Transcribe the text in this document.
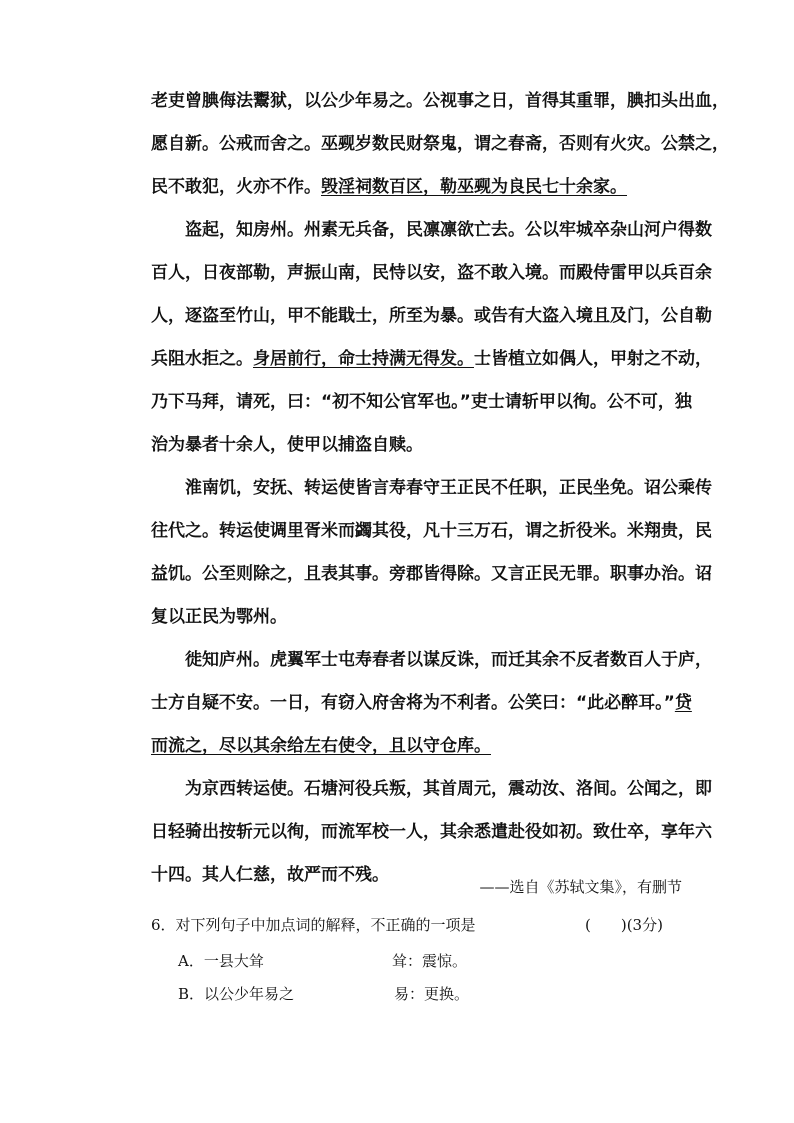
老吏曾腆侮法鬻狱，以公少年易之。公视事之日，首得其重罪，腆扣头出血，
愿自新。公戒而舍之。巫觋岁数民财祭鬼，谓之春斋，否则有火灾。公禁之，
民不敢犯，火亦不作。毁淫祠数百区，勒巫觋为良民七十余家。
盗起，知房州。州素无兵备，民凛凛欲亡去。公以牢城卒杂山河户得数
百人，日夜部勒，声振山南，民恃以安，盗不敢入境。而殿侍雷甲以兵百余
人，逐盗至竹山，甲不能戢士，所至为暴。或告有大盗入境且及门，公自勒
兵阻水拒之。身居前行，命士持满无得发。士皆植立如偶人，甲射之不动，
乃下马拜，请死，曰：“初不知公官军也。”吏士请斩甲以徇。公不可，独
治为暴者十余人，使甲以捕盗自赎。
淮南饥，安抚、转运使皆言寿春守王正民不任职，正民坐免。诏公乘传
往代之。转运使调里胥米而蠲其役，凡十三万石，谓之折役米。米翔贵，民
益饥。公至则除之，且表其事。旁郡皆得除。又言正民无罪。职事办治。诏
复以正民为鄂州。
徙知庐州。虎翼军士屯寿春者以谋反诛，而迁其余不反者数百人于庐，
士方自疑不安。一日，有窃入府舍将为不利者。公笑曰：“此必醉耳。”贷
而流之，尽以其余给左右使令，且以守仓库。
为京西转运使。石塘河役兵叛，其首周元，震动汝、洛间。公闻之，即
日轻骑出按斩元以徇，而流军校一人，其余悉遣赴役如初。致仕卒，享年六
十四。其人仁慈，故严而不残。
——选自《苏轼文集》，有删节
6．对下列句子中加点词的解释，不正确的一项是	(　　)(3分)
A．一县大耸	耸：震惊。
B．以公少年易之	易：更换。
